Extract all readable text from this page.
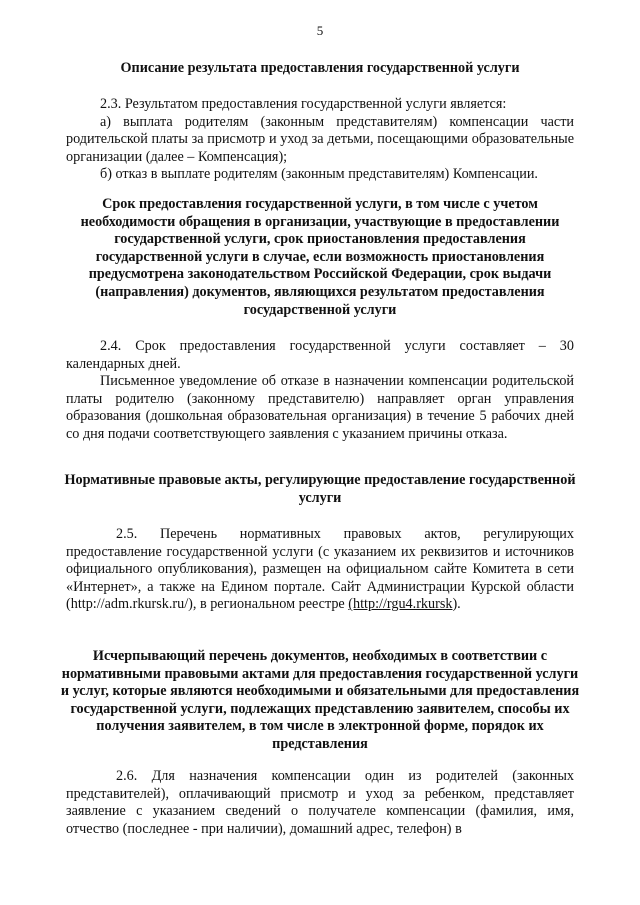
5
Описание результата предоставления государственной услуги

2.3. Результатом предоставления государственной услуги является:

а) выплата родителям (законным представителям) компенсации части родительской платы за присмотр и уход за детьми, посещающими образовательные организации (далее – Компенсация);

б) отказ в выплате родителям (законным представителям) Компенсации.

Срок предоставления государственной услуги, в том числе с учетом необходимости обращения в организации, участвующие в предоставлении государственной услуги, срок приостановления предоставления государственной услуги в случае, если возможность приостановления предусмотрена законодательством Российской Федерации, срок выдачи (направления) документов, являющихся результатом предоставления государственной услуги

2.4. Срок предоставления государственной услуги составляет – 30 календарных дней.

Письменное уведомление об отказе в назначении компенсации родительской платы родителю (законному представителю) направляет орган управления образования (дошкольная образовательная организация) в течение 5 рабочих дней со дня подачи соответствующего заявления с указанием причины отказа.

Нормативные правовые акты, регулирующие предоставление государственной услуги

2.5. Перечень нормативных правовых актов, регулирующих предоставление государственной услуги (с указанием их реквизитов и источников официального опубликования), размещен на официальном сайте Комитета в сети «Интернет», а также на Едином портале. Сайт Администрации Курской области (http://adm.rkursk.ru/), в региональном реестре (http://rgu4.rkursk).

Исчерпывающий перечень документов, необходимых в соответствии с нормативными правовыми актами для предоставления государственной услуги и услуг, которые являются необходимыми и обязательными для предоставления государственной услуги, подлежащих представлению заявителем, способы их получения заявителем, в том числе в электронной форме, порядок их представления

2.6. Для назначения компенсации один из родителей (законных представителей), оплачивающий присмотр и уход за ребенком, представляет заявление с указанием сведений о получателе компенсации (фамилия, имя, отчество (последнее - при наличии), домашний адрес, телефон) в
